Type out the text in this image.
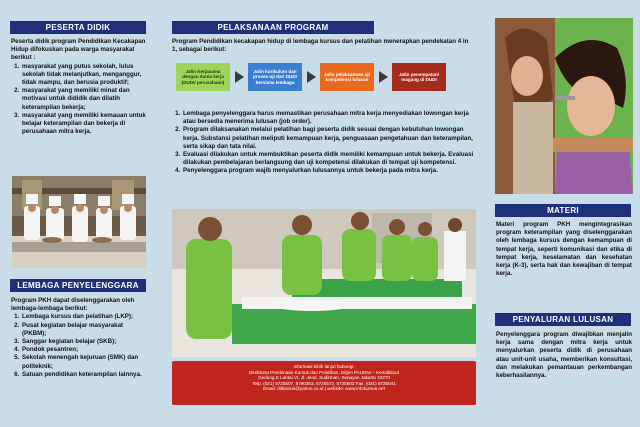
PESERTA DIDIK

Peserta didik program Pendidikan Kecakapan Hidup difokuskan pada warga masyarakat berikut :

1. masyarakat yang putus sekolah, lulus sekolah tidak melanjutkan, menganggur, tidak mampu, dan berusia produktif;
2. masyarakat yang memiliki minat dan motivasi untuk dididik dan dilatih keterampilan bekerja;
3. masyarakat yang memiliki kemauan untuk belajar keterampilan dan bekerja di perusahaan mitra kerja.
LEMBAGA PENYELENGGARA

Program PKH dapat diselenggarakan oleh lembaga-lembaga berikut:

1. Lembaga kursus dan pelatihan (LKP);
2. Pusat kegiatan belajar masyarakat (PKBM);
3. Sanggar kegiatan belajar (SKB);
4. Pondok pesantren;
5. Sekolah menengah kejuruan (SMK) dan politeknik;
6. Satuan pendidikan keterampilan lainnya.
PELAKSANAAN PROGRAM
Program Pendidikan kecakapan hidup di lembaga kursus dan pelatihan menerapkan pendekatan 4 in 1, sebagai berikut:
Jalin Kerjasama dengan dunia kerja (DUDI/ perusahaan)
Jalin kurikulum dan proses uji dari DUDI bersama lembaga
Jalin pelaksanaan uji kompetensi lulusan
Jalin penempatan/ magang di DUDI
1. Lembaga penyelenggara harus memastikan perusahaan mitra kerja menyediakan lowongan kerja atau bersedia menerima lulusan (job order).
2. Program dilaksanakan melalui pelatihan bagi peserta didik sesuai dengan kebutuhan lowongan kerja. Substansi pelatihan meliputi kemampuan kerja, penguasaan pengetahuan dan keterampilan, serta sikap dan tata nilai.
3. Evaluasi dilakukan untuk membuktikan peserta didik memiliki kemampuan untuk bekerja. Evaluasi dilakukan pembelajaran berlangsung dan uji kompetensi dilakukan di tempat uji kompetensi.
4. Penyelenggara program wajib menyalurkan lulusannya untuk bekerja pada mitra kerja.
Informasi lebih lanjut hubungi:
Direktorat Pembinaan Kursus dan Pelatihan, Ditjen PAUDNI – Kemdikbud
Gedung E Lantai VI, Jl. Jend. Sudirman, Senayan Jakarta 10270
Telp. (021) 5725507, 5790363, 5725572, 5725503 Fax. (021) 5725041
Email: ditbinsus@yahoo.co.id | website: www.infokursus.net
MATERI
Materi program PKH mengintegrasikan program keterampilan yang diselenggarakan oleh lembaga kursus dengan kemampuan di tempat kerja, seperti komunikasi dan etika di tempat kerja, keselamatan dan kesehatan kerja (K-3), serta hak dan kewajiban di tempat kerja.
PENYALURAN LULUSAN
Penyelenggara program diwajibkan menjalin kerja sama dengan mitra kerja untuk menyalurkan peserta didik di perusahaan atau unit-unit usaha, memberikan konsultasi, dan melakukan pemantauan perkembangan keberhasilannya.
